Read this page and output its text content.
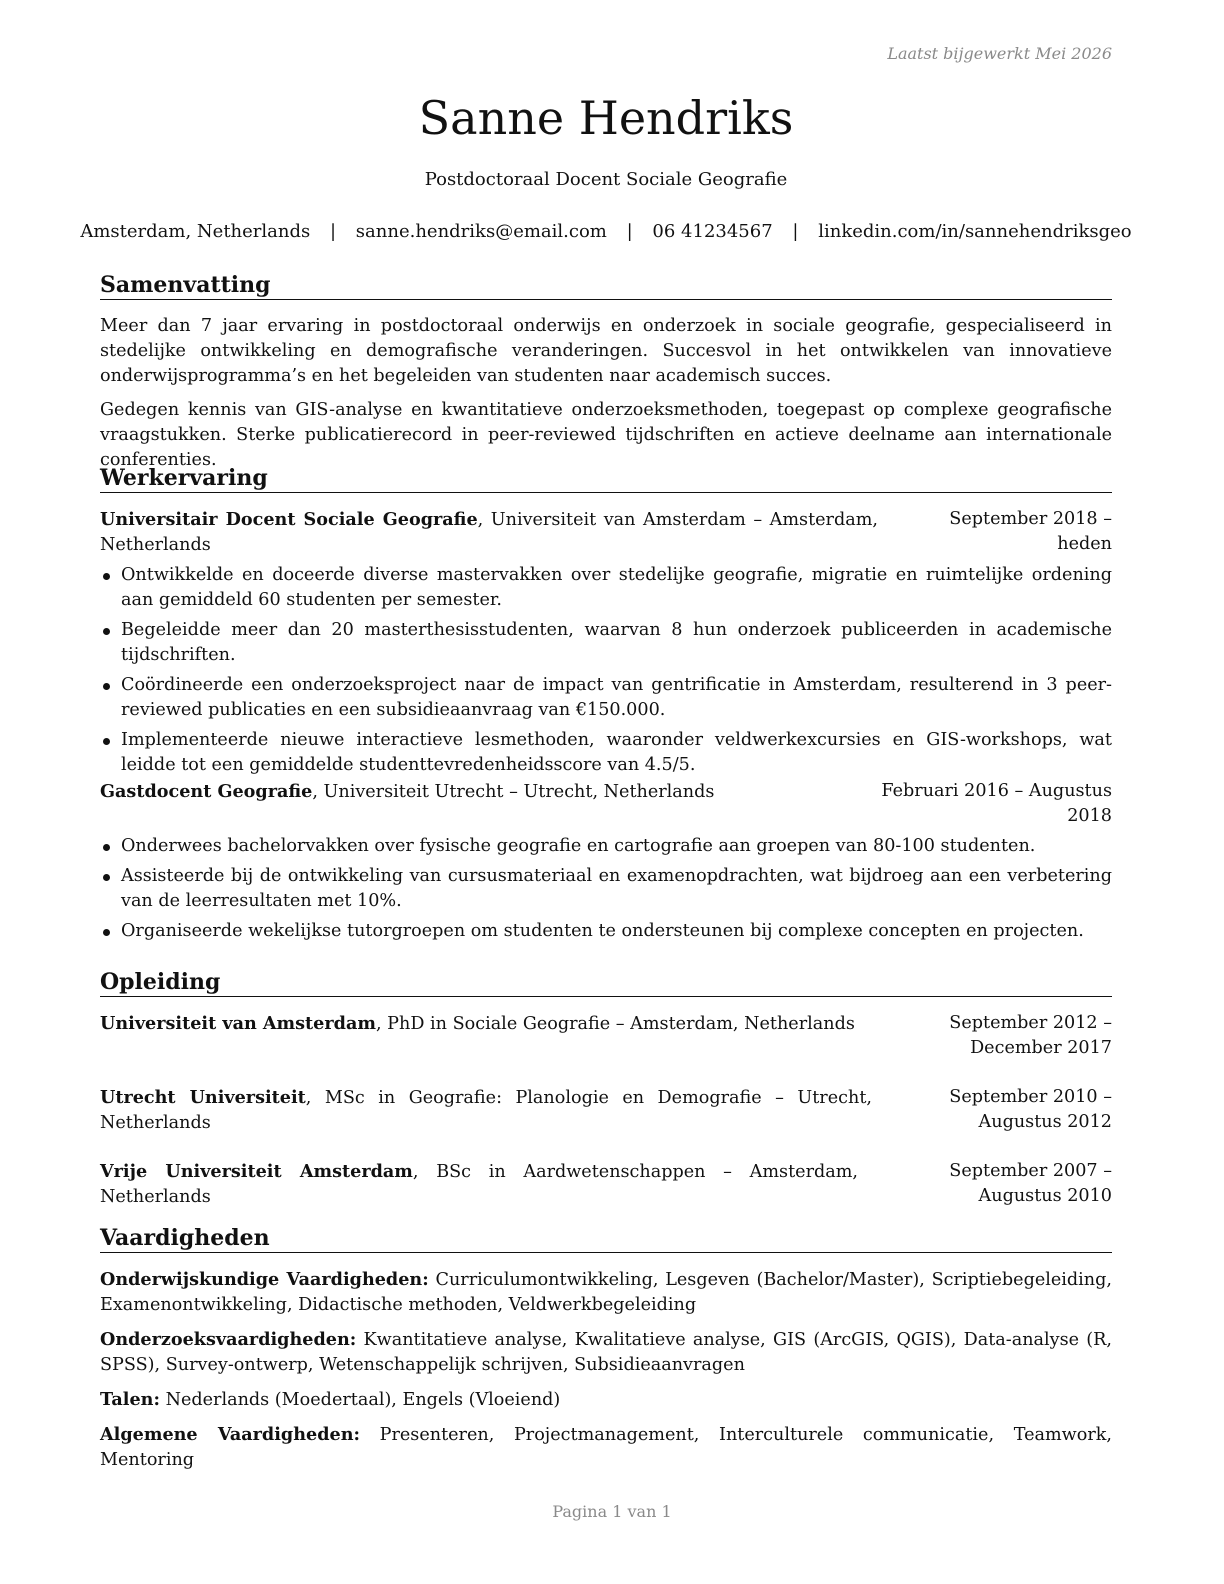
Laatst bijgewerkt Mei 2026
Sanne Hendriks
Postdoctoraal Docent Sociale Geografie
Amsterdam, Netherlands | sanne.hendriks@email.com | 06 41234567 | linkedin.com/in/sannehendriksgeo
Samenvatting

Meer dan 7 jaar ervaring in postdoctoraal onderwijs en onderzoek in sociale geografie, gespecialiseerd in stedelijke ontwikkeling en demografische veranderingen. Succesvol in het ontwikkelen van innovatieve onderwijsprogramma’s en het begeleiden van studenten naar academisch succes.

Gedegen kennis van GIS-analyse en kwantitatieve onderzoeksmethoden, toegepast op complexe geografische vraagstukken. Sterke publicatierecord in peer-reviewed tijdschriften en actieve deelname aan internationale conferenties.

Werkervaring
Universitair Docent Sociale Geografie, Universiteit van Amsterdam – Amsterdam, Netherlands
September 2018 – heden
Ontwikkelde en doceerde diverse mastervakken over stedelijke geografie, migratie en ruimtelijke ordening aan gemiddeld 60 studenten per semester.
Begeleidde meer dan 20 masterthesisstudenten, waarvan 8 hun onderzoek publiceerden in academische tijdschriften.
Coördineerde een onderzoeksproject naar de impact van gentrificatie in Amsterdam, resulterend in 3 peer-reviewed publicaties en een subsidieaanvraag van €150.000.
Implementeerde nieuwe interactieve lesmethoden, waaronder veldwerkexcursies en GIS-workshops, wat leidde tot een gemiddelde studenttevredenheidsscore van 4.5/5.
Gastdocent Geografie, Universiteit Utrecht – Utrecht, Netherlands	Februari 2016 – Augustus 2018
Onderwees bachelorvakken over fysische geografie en cartografie aan groepen van 80-100 studenten.
Assisteerde bij de ontwikkeling van cursusmateriaal en examenopdrachten, wat bijdroeg aan een verbetering van de leerresultaten met 10%.
Organiseerde wekelijkse tutorgroepen om studenten te ondersteunen bij complexe concepten en projecten.
Opleiding
Universiteit van Amsterdam, PhD in Sociale Geografie – Amsterdam, Netherlands	September 2012 – December 2017
Utrecht Universiteit, MSc in Geografie: Planologie en Demografie – Utrecht, Netherlands
September 2010 – Augustus 2012
Vrije Universiteit Amsterdam, BSc in Aardwetenschappen – Amsterdam, Netherlands
September 2007 – Augustus 2010
Vaardigheden

Onderwijskundige Vaardigheden: Curriculumontwikkeling, Lesgeven (Bachelor/Master), Scriptiebegeleiding, Examenontwikkeling, Didactische methoden, Veldwerkbegeleiding

Onderzoeksvaardigheden: Kwantitatieve analyse, Kwalitatieve analyse, GIS (ArcGIS, QGIS), Data-analyse (R, SPSS), Survey-ontwerp, Wetenschappelijk schrijven, Subsidieaanvragen

Talen: Nederlands (Moedertaal), Engels (Vloeiend)

Algemene Vaardigheden: Presenteren, Projectmanagement, Interculturele communicatie, Teamwork, Mentoring

Pagina 1 van 1
